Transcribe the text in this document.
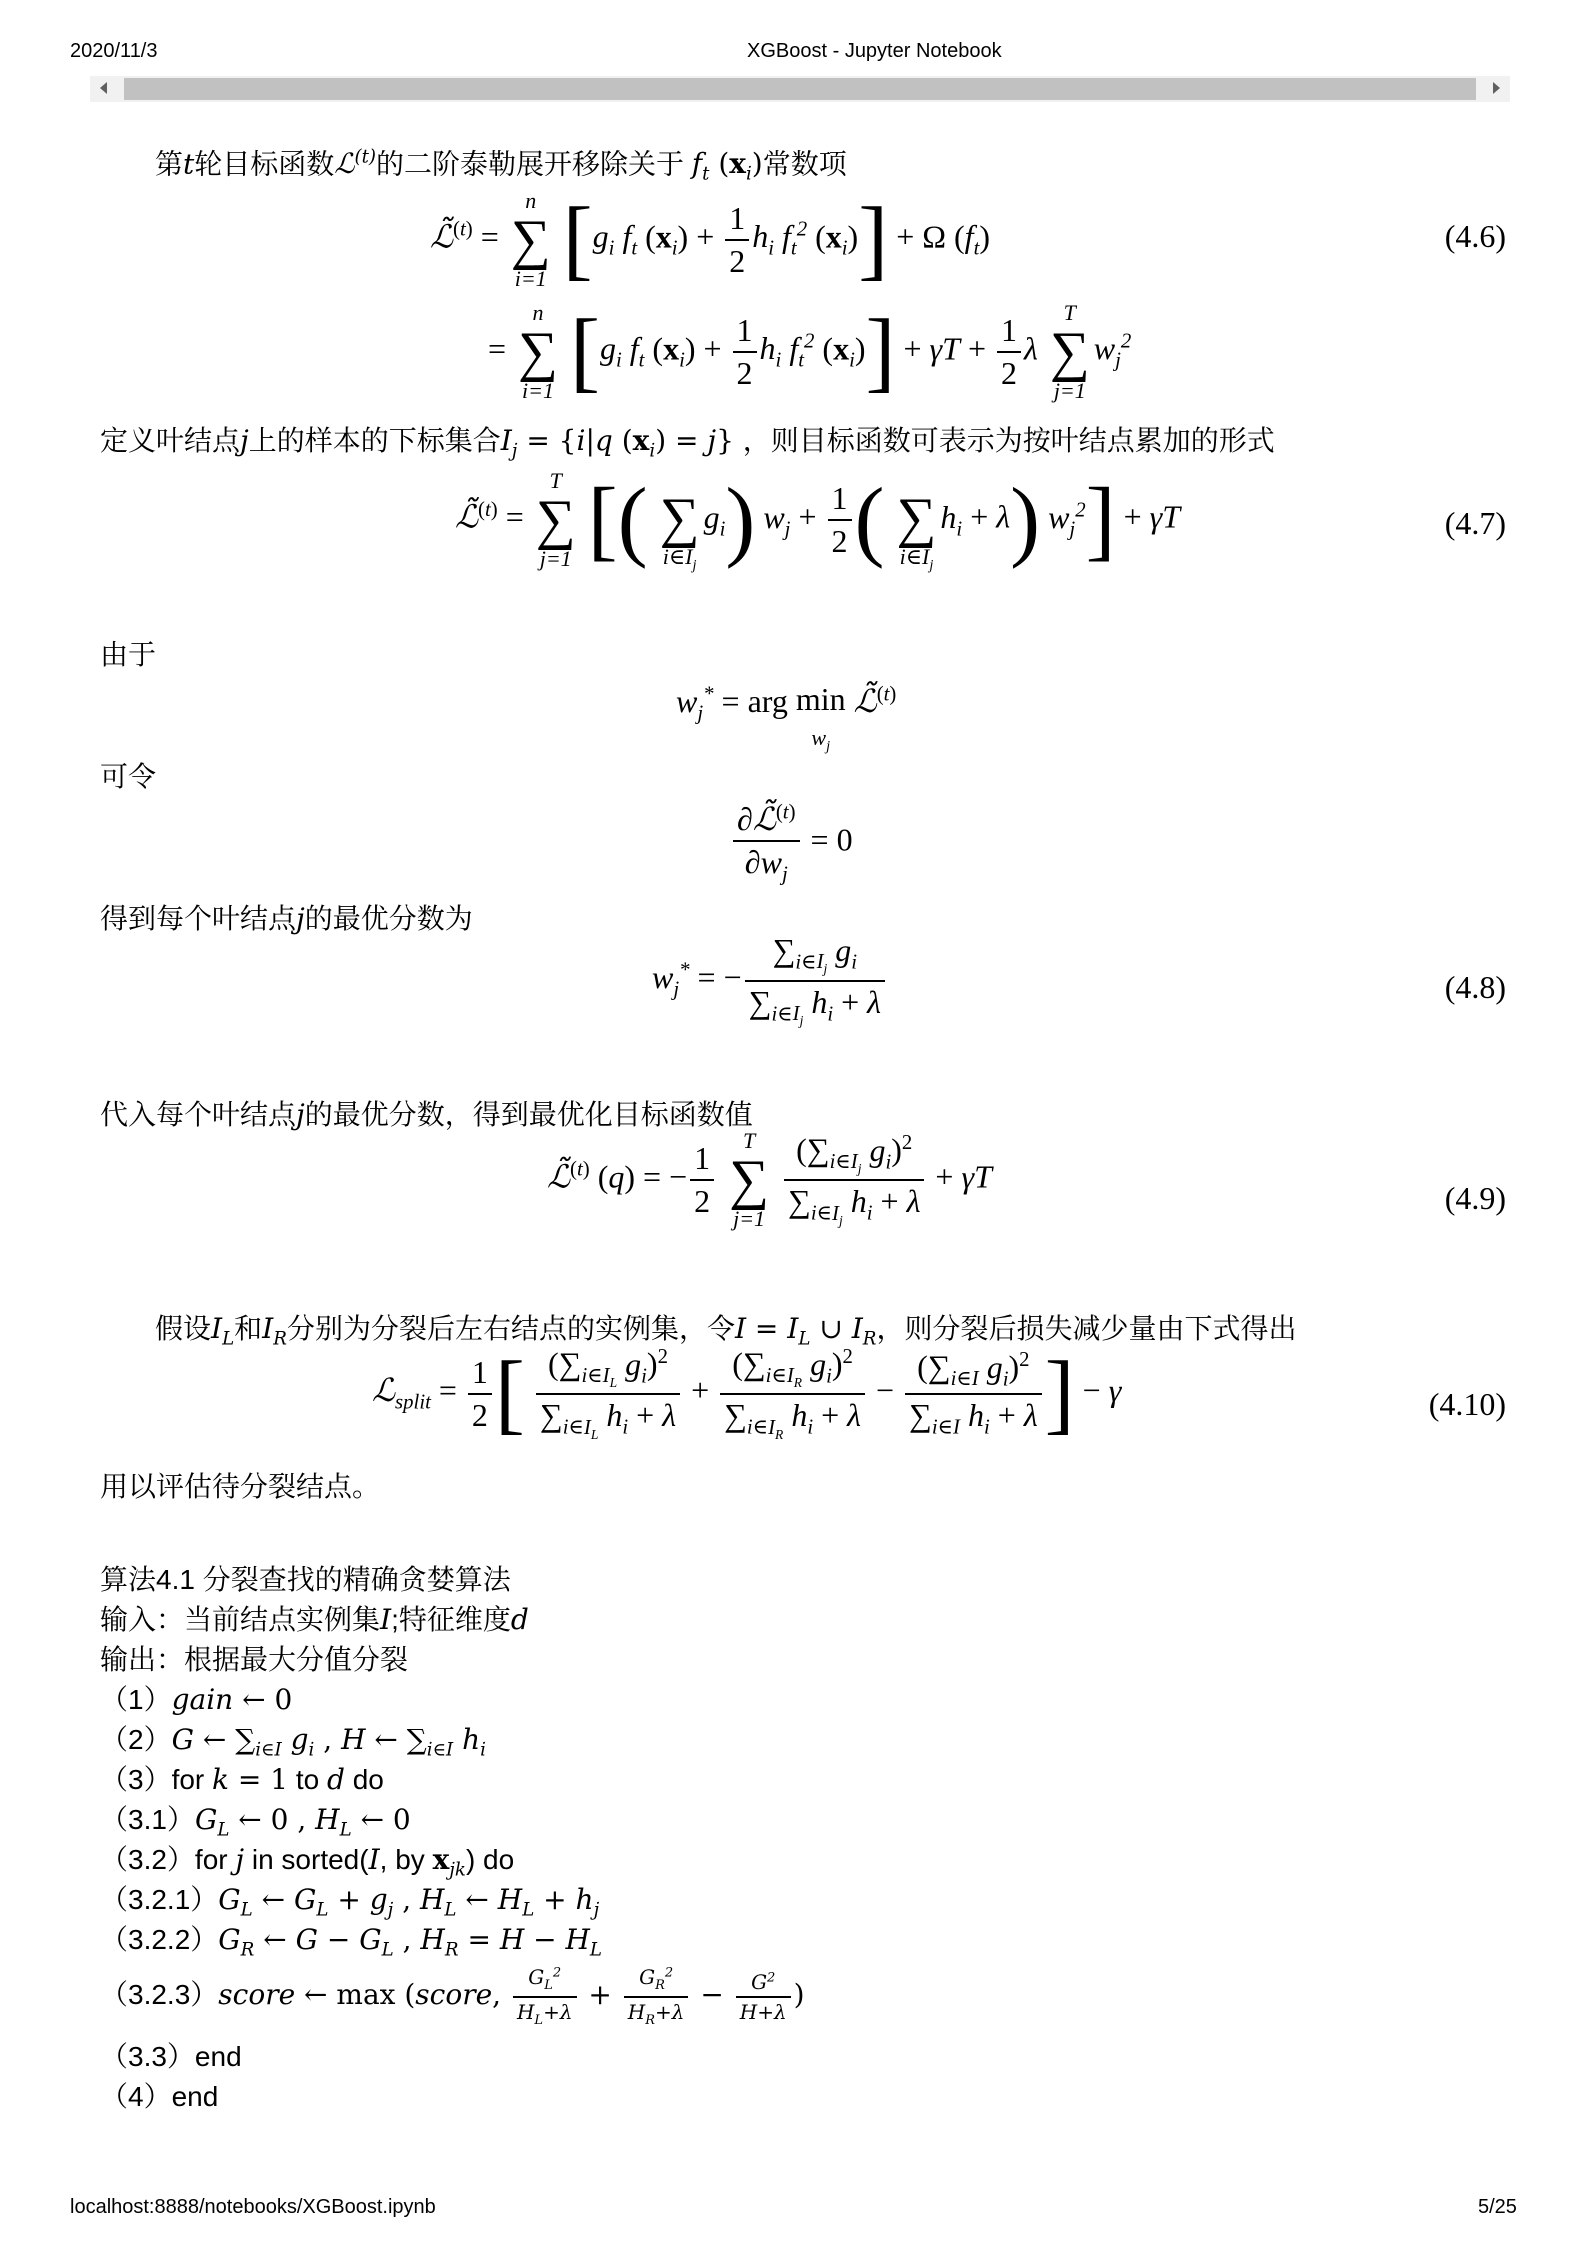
2020/11/3	XGBoost - Jupyter Notebook
第t轮目标函数ℒ$^{(t)}$的二阶泰勒展开移除关于 $f_t$ $(x_i)$常数项
ℒ̃$^{(t)}$ =
n
∑
i=1 [$g_i$ $f_t$ $(x_i) + \frac{1}{2} h_i$ $f_t^2$ $(x_i)] + \Omega$ $(f_t)$	(4.6)
=
n
∑
i=1 [$g_i$ $f_t$ $(x_i) + \frac{1}{2} h_i$ $f_t^2$ $(x_i)] + \gamma T + \frac{1}{2}$ λ
T
∑
j=1
$w_j^2$
定义叶结点j上的样本的下标集合$I_j = \{i|q$ $(x_i) = j$} ，则目标函数可表示为按叶结点累加的形式
ℒ̃$^{(t)}$ =
T
∑
j=1 [(
∑
$i\in I_j$
$g_i$) $w_j + \frac{1}{2}$ (
∑
$i\in I_j$
$h_i + \lambda$) $w_j^2] + \gamma T$	(4.7)
由于
$w_j^*$ = arg min
$w_j$ ℒ̃$^{(t)}$
可令
$\frac{\partial ℒ̃^{(t)}}{\partial w_j} = 0$
得到每个叶结点j的最优分数为
$w_j^*$ = − $\frac{\sum_{i\in I_j} g_i}{\sum_{i\in I_j} h_i + \lambda}$	(4.8)
代入每个叶结点j的最优分数，得到最优化目标函数值
ℒ̃$^{(t)}$ (q) = − $\frac{1}{2}$
	T
∑
j=1
$\frac{(\sum_{i\in I_j} g_i)^2}{\sum_{i\in I_j} h_i + \lambda} + \gamma T$
(4.9)
假设$I_L$和$I_R$分别为分裂后左右结点的实例集，令$I = I_L$ ∪ $I_R$，则分裂后损失减少量由下式得出
ℒ$_{split}$ = $\frac{1}{2}$ [ $\frac{(\sum_{i\in I_L} g_i)^2}{\sum_{i\in I_L} h_i + \lambda} + \frac{(\sum_{i\in I_R} g_i)^2}{\sum_{i\in I_R} h_i + \lambda} - \frac{(\sum_{i\in I} g_i)^2}{\sum_{i\in I} h_i + \lambda}$ ] − γ	(4.10)
用以评估待分裂结点。
算法4.1 分裂查找的精确贪婪算法
输入：当前结点实例集I;特征维度d
输出：根据最大分值分裂
（1）gain ← 0
（2）G ← $\sum_{i\in I}$ $g_i$ , H ← $\sum_{i\in I}$ $h_i$
（3）for k = 1 to d do
$(3.1)G_L$ ← 0 , $H_L$ ← 0
（3.2）for j in sorted(I, by $x_{jk}$) do
$(3.2.1)G_L$ ← $G_L + g_j$ , $H_L$ ← $H_L + h_j$
$(3.2.2)G_R$ ← $G - G_L$ , $H_R = H - H_L$
（3.2.3）score ← max (score, $\frac{G_L^2}{H_L+\lambda} + \frac{G_R^2}{H_R+\lambda} - \frac{G^2}{H+\lambda}$ )
（3.3）end
（4）end
localhost:8888/notebooks/XGBoost.ipynb	5/25
